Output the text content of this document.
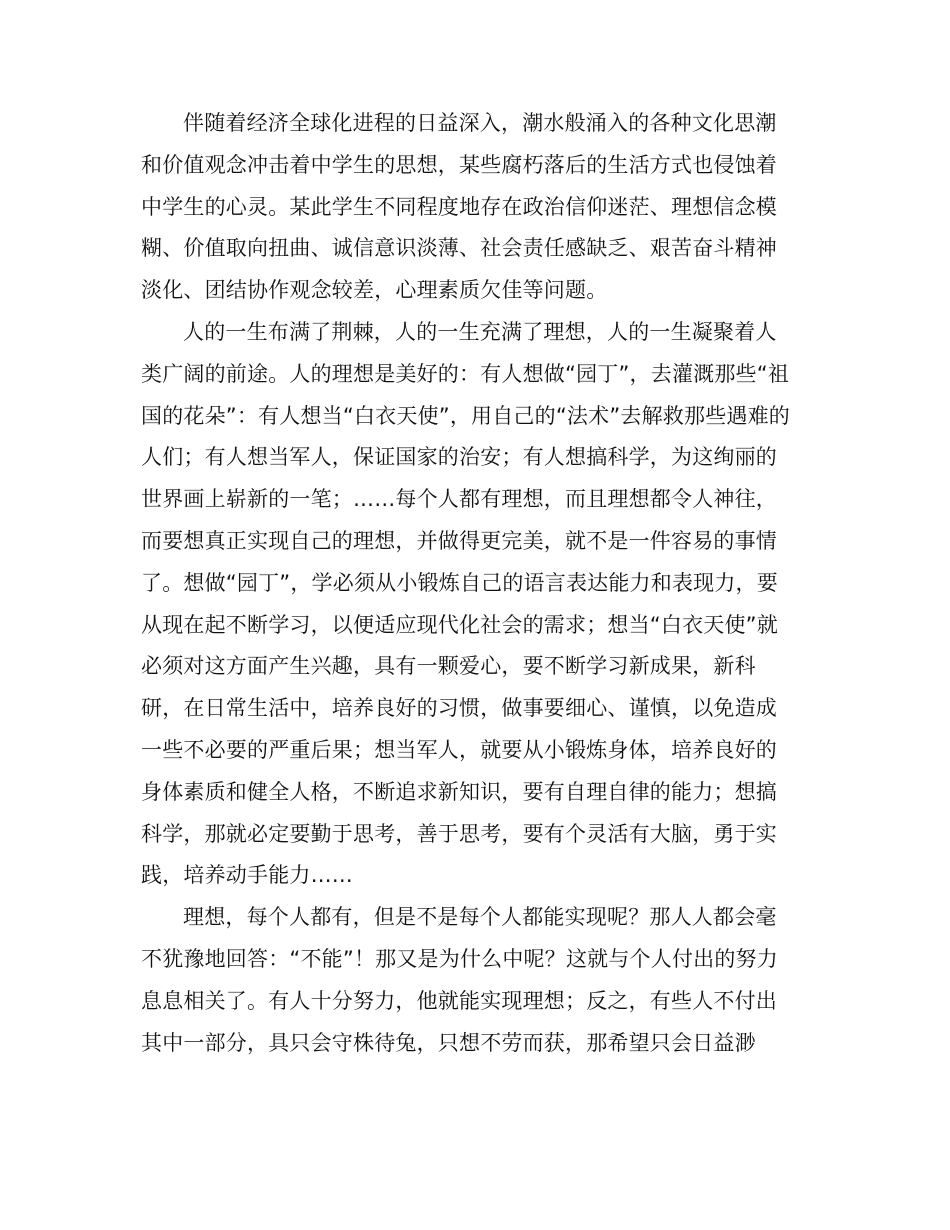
伴随着经济全球化进程的日益深入，潮水般涌入的各种文化思潮
和价值观念冲击着中学生的思想，某些腐朽落后的生活方式也侵蚀着
中学生的心灵。某此学生不同程度地存在政治信仰迷茫、理想信念模
糊、价值取向扭曲、诚信意识淡薄、社会责任感缺乏、艰苦奋斗精神
淡化、团结协作观念较差，心理素质欠佳等问题。
人的一生布满了荆棘，人的一生充满了理想，人的一生凝聚着人
类广阔的前途。人的理想是美好的：有人想做“园丁”，去灌溉那些“祖
国的花朵”：有人想当“白衣天使”，用自己的“法术”去解救那些遇难的
人们；有人想当军人，保证国家的治安；有人想搞科学，为这绚丽的
世界画上崭新的一笔；……每个人都有理想，而且理想都令人神往，
而要想真正实现自己的理想，并做得更完美，就不是一件容易的事情
了。想做“园丁”，学必须从小锻炼自己的语言表达能力和表现力，要
从现在起不断学习，以便适应现代化社会的需求；想当“白衣天使”就
必须对这方面产生兴趣，具有一颗爱心，要不断学习新成果，新科
研，在日常生活中，培养良好的习惯，做事要细心、谨慎，以免造成
一些不必要的严重后果；想当军人，就要从小锻炼身体，培养良好的
身体素质和健全人格，不断追求新知识，要有自理自律的能力；想搞
科学，那就必定要勤于思考，善于思考，要有个灵活有大脑，勇于实
践，培养动手能力……
理想，每个人都有，但是不是每个人都能实现呢？那人人都会毫
不犹豫地回答：“不能”！那又是为什么中呢？这就与个人付出的努力
息息相关了。有人十分努力，他就能实现理想；反之，有些人不付出
其中一部分，具只会守株待兔，只想不劳而获，那希望只会日益渺
